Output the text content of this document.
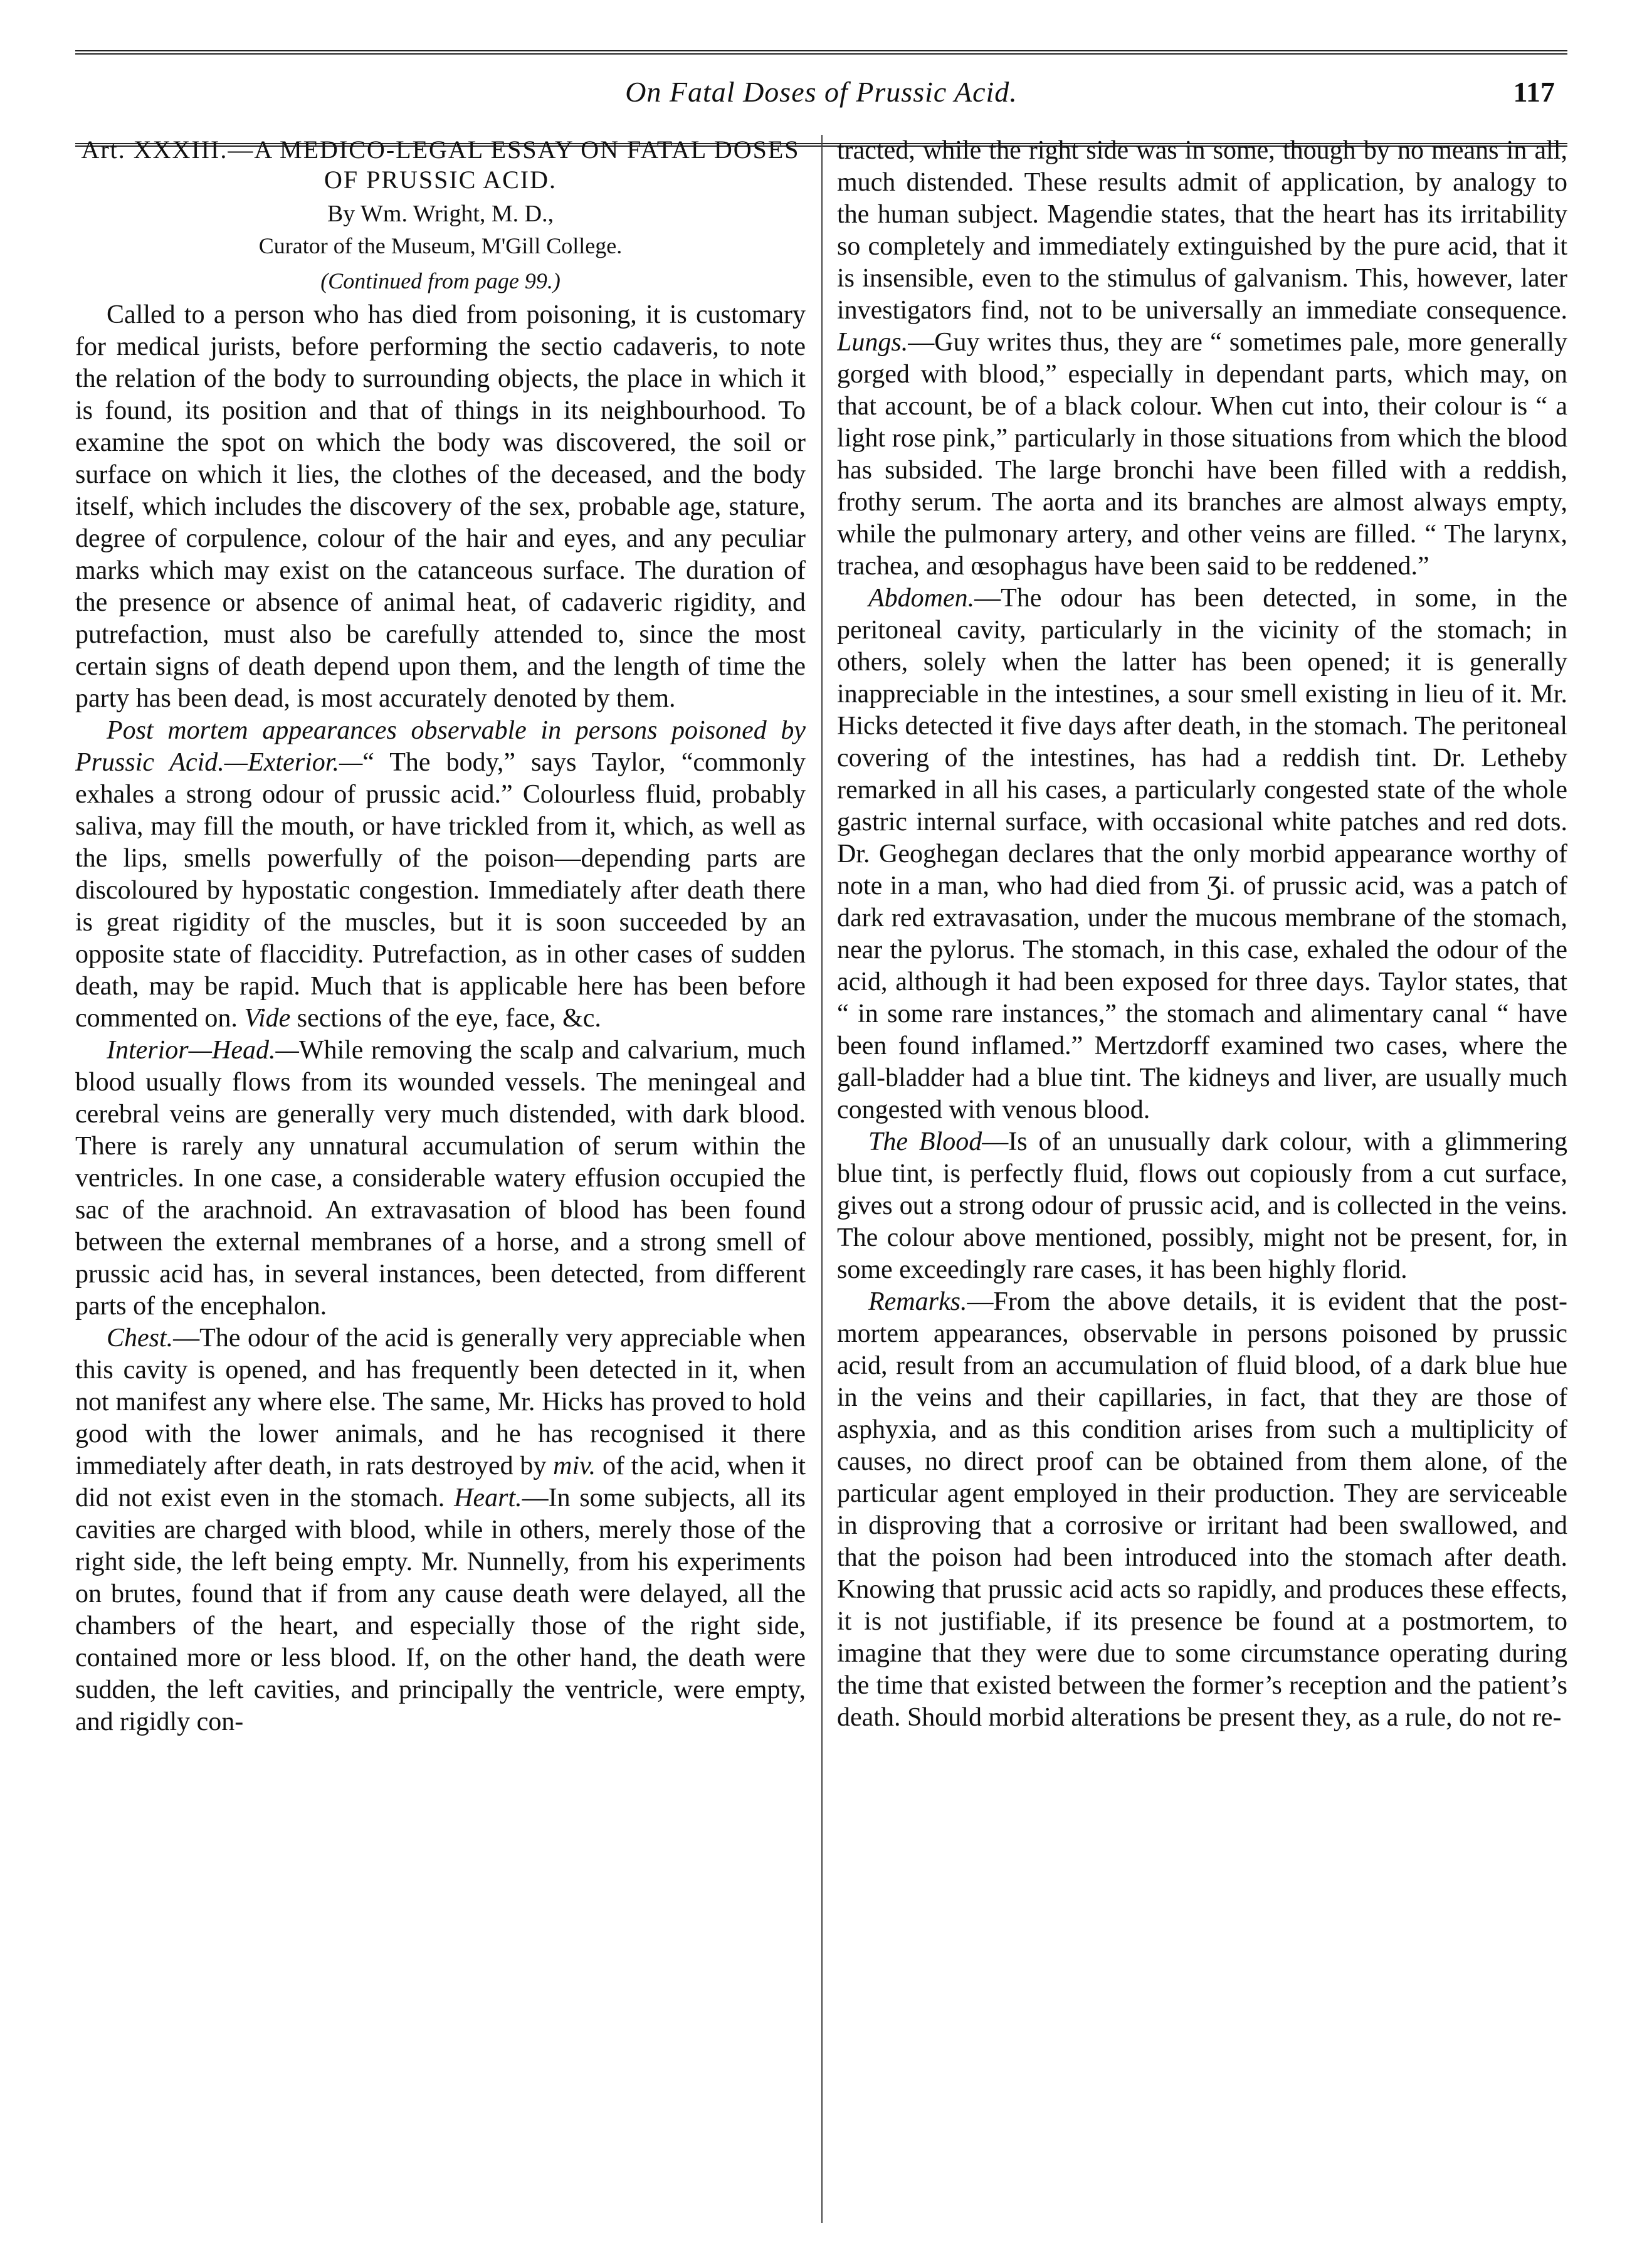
On Fatal Doses of Prussic Acid.	117
Art. XXXIII.—A MEDICO-LEGAL ESSAY ON FATAL DOSES OF PRUSSIC ACID.
By Wm. Wright, M. D.,
Curator of the Museum, M'Gill College.
(Continued from page 99.)

Called to a person who has died from poisoning, it is customary for medical jurists, before performing the sectio cadaveris, to note the relation of the body to surrounding objects, the place in which it is found, its position and that of things in its neighbourhood. To examine the spot on which the body was discovered, the soil or surface on which it lies, the clothes of the deceased, and the body itself, which includes the discovery of the sex, probable age, stature, degree of corpulence, colour of the hair and eyes, and any peculiar marks which may exist on the catanceous surface. The duration of the presence or absence of animal heat, of cadaveric rigidity, and putrefaction, must also be carefully attended to, since the most certain signs of death depend upon them, and the length of time the party has been dead, is most accurately denoted by them.

Post mortem appearances observable in persons poisoned by Prussic Acid.—Exterior.—“ The body,” says Taylor, “commonly exhales a strong odour of prussic acid.” Colourless fluid, probably saliva, may fill the mouth, or have trickled from it, which, as well as the lips, smells powerfully of the poison—depending parts are discoloured by hypostatic congestion. Immediately after death there is great rigidity of the muscles, but it is soon succeeded by an opposite state of flaccidity. Putrefaction, as in other cases of sudden death, may be rapid. Much that is applicable here has been before commented on. Vide sections of the eye, face, &c.

Interior—Head.—While removing the scalp and calvarium, much blood usually flows from its wounded vessels. The meningeal and cerebral veins are generally very much distended, with dark blood. There is rarely any unnatural accumulation of serum within the ventricles. In one case, a considerable watery effusion occupied the sac of the arachnoid. An extravasation of blood has been found between the external membranes of a horse, and a strong smell of prussic acid has, in several instances, been detected, from different parts of the encephalon.

Chest.—The odour of the acid is generally very appreciable when this cavity is opened, and has frequently been detected in it, when not manifest any where else. The same, Mr. Hicks has proved to hold good with the lower animals, and he has recognised it there immediately after death, in rats destroyed by miv. of the acid, when it did not exist even in the stomach. Heart.—In some subjects, all its cavities are charged with blood, while in others, merely those of the right side, the left being empty. Mr. Nunnelly, from his experiments on brutes, found that if from any cause death were delayed, all the chambers of the heart, and especially those of the right side, contained more or less blood. If, on the other hand, the death were sudden, the left cavities, and principally the ventricle, were empty, and rigidly con-

tracted, while the right side was in some, though by no means in all, much distended. These results admit of application, by analogy to the human subject. Magendie states, that the heart has its irritability so completely and immediately extinguished by the pure acid, that it is insensible, even to the stimulus of galvanism. This, however, later investigators find, not to be universally an immediate consequence. Lungs.—Guy writes thus, they are “ sometimes pale, more generally gorged with blood,” especially in dependant parts, which may, on that account, be of a black colour. When cut into, their colour is “ a light rose pink,” particularly in those situations from which the blood has subsided. The large bronchi have been filled with a reddish, frothy serum. The aorta and its branches are almost always empty, while the pulmonary artery, and other veins are filled. “ The larynx, trachea, and œsophagus have been said to be reddened.”

Abdomen.—The odour has been detected, in some, in the peritoneal cavity, particularly in the vicinity of the stomach; in others, solely when the latter has been opened; it is generally inappreciable in the intestines, a sour smell existing in lieu of it. Mr. Hicks detected it five days after death, in the stomach. The peritoneal covering of the intestines, has had a reddish tint. Dr. Letheby remarked in all his cases, a particularly congested state of the whole gastric internal surface, with occasional white patches and red dots. Dr. Geoghegan declares that the only morbid appearance worthy of note in a man, who had died from Ʒi. of prussic acid, was a patch of dark red extravasation, under the mucous membrane of the stomach, near the pylorus. The stomach, in this case, exhaled the odour of the acid, although it had been exposed for three days. Taylor states, that “ in some rare instances,” the stomach and alimentary canal “ have been found inflamed.” Mertzdorff examined two cases, where the gall-bladder had a blue tint. The kidneys and liver, are usually much congested with venous blood.

The Blood—Is of an unusually dark colour, with a glimmering blue tint, is perfectly fluid, flows out copiously from a cut surface, gives out a strong odour of prussic acid, and is collected in the veins. The colour above mentioned, possibly, might not be present, for, in some exceedingly rare cases, it has been highly florid.

Remarks.—From the above details, it is evident that the post-mortem appearances, observable in persons poisoned by prussic acid, result from an accumulation of fluid blood, of a dark blue hue in the veins and their capillaries, in fact, that they are those of asphyxia, and as this condition arises from such a multiplicity of causes, no direct proof can be obtained from them alone, of the particular agent employed in their production. They are serviceable in disproving that a corrosive or irritant had been swallowed, and that the poison had been introduced into the stomach after death. Knowing that prussic acid acts so rapidly, and produces these effects, it is not justifiable, if its presence be found at a postmortem, to imagine that they were due to some circumstance operating during the time that existed between the former’s reception and the patient’s death. Should morbid alterations be present they, as a rule, do not re-
